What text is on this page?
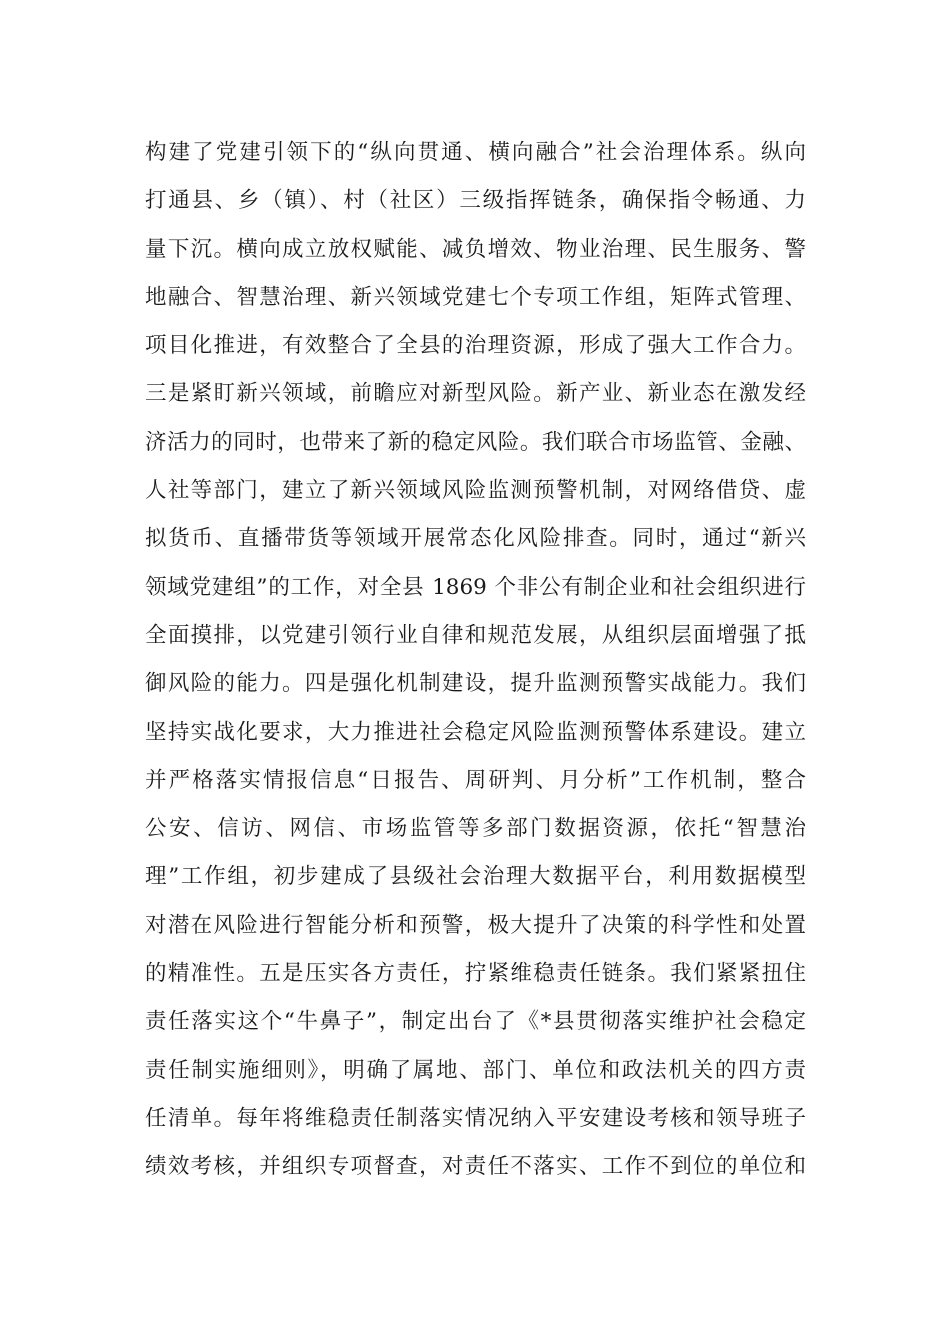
构建了党建引领下的“纵向贯通、横向融合”社会治理体系。纵向
打通县、乡（镇）、村（社区）三级指挥链条，确保指令畅通、力
量下沉。横向成立放权赋能、减负增效、物业治理、民生服务、警
地融合、智慧治理、新兴领域党建七个专项工作组，矩阵式管理、
项目化推进，有效整合了全县的治理资源，形成了强大工作合力。
三是紧盯新兴领域，前瞻应对新型风险。新产业、新业态在激发经
济活力的同时，也带来了新的稳定风险。我们联合市场监管、金融、
人社等部门，建立了新兴领域风险监测预警机制，对网络借贷、虚
拟货币、直播带货等领域开展常态化风险排查。同时，通过“新兴
领域党建组”的工作，对全县 1869 个非公有制企业和社会组织进行
全面摸排，以党建引领行业自律和规范发展，从组织层面增强了抵
御风险的能力。四是强化机制建设，提升监测预警实战能力。我们
坚持实战化要求，大力推进社会稳定风险监测预警体系建设。建立
并严格落实情报信息“日报告、周研判、月分析”工作机制，整合
公安、信访、网信、市场监管等多部门数据资源，依托“智慧治
理”工作组，初步建成了县级社会治理大数据平台，利用数据模型
对潜在风险进行智能分析和预警，极大提升了决策的科学性和处置
的精准性。五是压实各方责任，拧紧维稳责任链条。我们紧紧扭住
责任落实这个“牛鼻子”，制定出台了《*县贯彻落实维护社会稳定
责任制实施细则》，明确了属地、部门、单位和政法机关的四方责
任清单。每年将维稳责任制落实情况纳入平安建设考核和领导班子
绩效考核，并组织专项督查，对责任不落实、工作不到位的单位和
